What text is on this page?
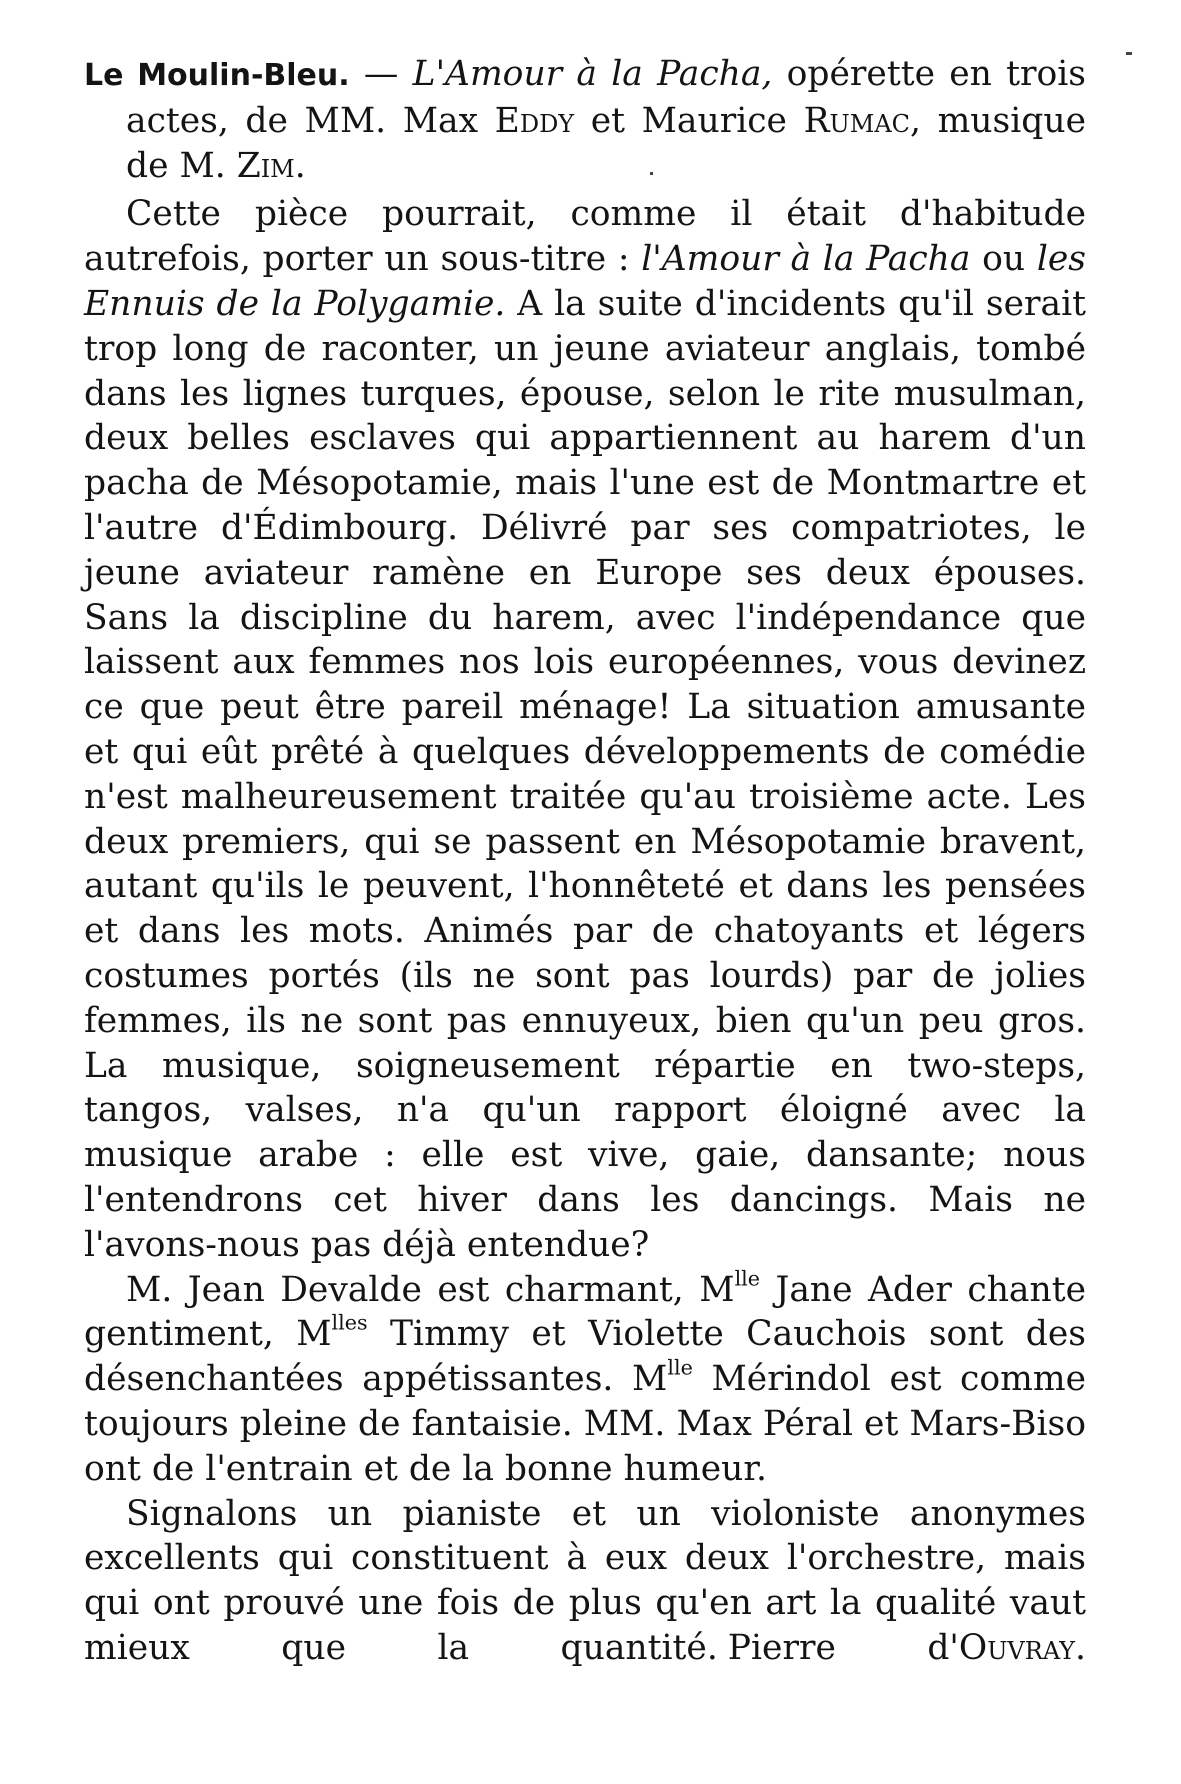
Le Moulin-Bleu. — L'Amour à la Pacha, opérette en trois actes, de MM. Max Eddy et Maurice Rumac, musique de M. Zim.

Cette pièce pourrait, comme il était d'habitude autrefois, porter un sous-titre : l'Amour à la Pacha ou les Ennuis de la Polygamie. A la suite d'incidents qu'il serait trop long de raconter, un jeune aviateur anglais, tombé dans les lignes turques, épouse, selon le rite musulman, deux belles esclaves qui appartiennent au harem d'un pacha de Mésopotamie, mais l'une est de Montmartre et l'autre d'Édimbourg. Délivré par ses compatriotes, le jeune aviateur ramène en Europe ses deux épouses. Sans la discipline du harem, avec l'indépendance que laissent aux femmes nos lois européennes, vous devinez ce que peut être pareil ménage! La situation amusante et qui eût prêté à quelques développements de comédie n'est malheureusement traitée qu'au troisième acte. Les deux premiers, qui se passent en Mésopotamie bravent, autant qu'ils le peuvent, l'honnêteté et dans les pensées et dans les mots. Animés par de chatoyants et légers costumes portés (ils ne sont pas lourds) par de jolies femmes, ils ne sont pas ennuyeux, bien qu'un peu gros. La musique, soigneusement répartie en two-steps, tangos, valses, n'a qu'un rapport éloigné avec la musique arabe : elle est vive, gaie, dansante; nous l'entendrons cet hiver dans les dancings. Mais ne l'avons-nous pas déjà entendue?

M. Jean Devalde est charmant, $M^{lle}$ Jane Ader chante gentiment, $M^{lles}$ Timmy et Violette Cauchois sont des désenchantées appétissantes. $M^{lle}$ Mérindol est comme toujours pleine de fantaisie. MM. Max Péral et Mars-Biso ont de l'entrain et de la bonne humeur.

Signalons un pianiste et un violoniste anonymes excellents qui constituent à eux deux l'orchestre, mais qui ont prouvé une fois de plus qu'en art la qualité vaut mieux que la quantité. Pierre d'Ouvray.
